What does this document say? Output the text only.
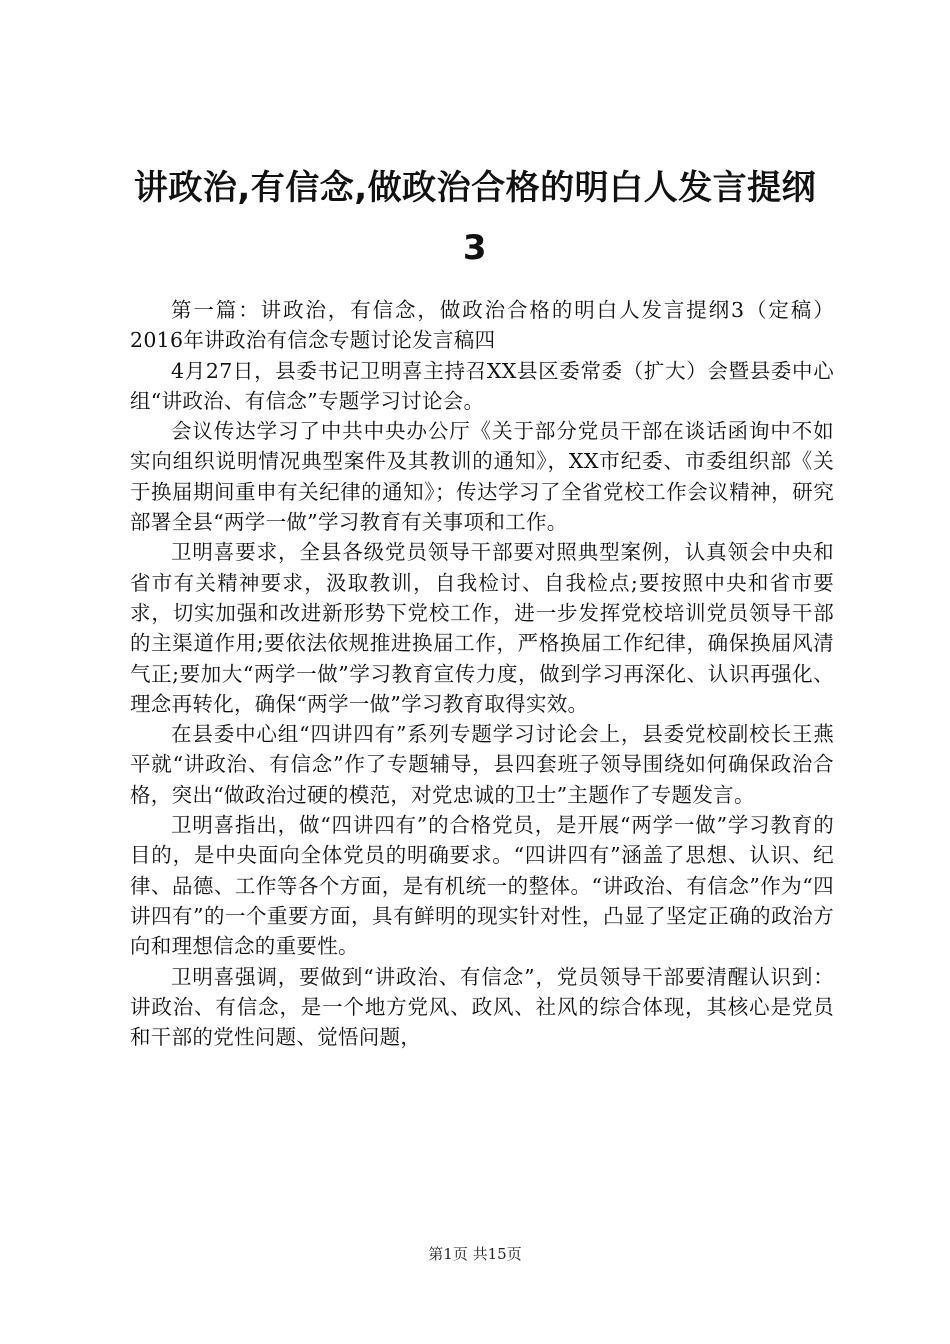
讲政治,有信念,做政治合格的明白人发言提纲
3

第一篇：讲政治，有信念，做政治合格的明白人发言提纲3（定稿）2016年讲政治有信念专题讨论发言稿四

4月27日，县委书记卫明喜主持召XX县区委常委（扩大）会暨县委中心组“讲政治、有信念”专题学习讨论会。

会议传达学习了中共中央办公厅《关于部分党员干部在谈话函询中不如实向组织说明情况典型案件及其教训的通知》，XX市纪委、市委组织部《关于换届期间重申有关纪律的通知》；传达学习了全省党校工作会议精神，研究部署全县“两学一做”学习教育有关事项和工作。

卫明喜要求，全县各级党员领导干部要对照典型案例，认真领会中央和省市有关精神要求，汲取教训，自我检讨、自我检点;要按照中央和省市要求，切实加强和改进新形势下党校工作，进一步发挥党校培训党员领导干部的主渠道作用;要依法依规推进换届工作，严格换届工作纪律，确保换届风清气正;要加大“两学一做”学习教育宣传力度，做到学习再深化、认识再强化、理念再转化，确保“两学一做”学习教育取得实效。

在县委中心组“四讲四有”系列专题学习讨论会上，县委党校副校长王燕平就“讲政治、有信念”作了专题辅导，县四套班子领导围绕如何确保政治合格，突出“做政治过硬的模范，对党忠诚的卫士”主题作了专题发言。

卫明喜指出，做“四讲四有”的合格党员，是开展“两学一做”学习教育的目的，是中央面向全体党员的明确要求。“四讲四有”涵盖了思想、认识、纪律、品德、工作等各个方面，是有机统一的整体。“讲政治、有信念”作为“四讲四有”的一个重要方面，具有鲜明的现实针对性，凸显了坚定正确的政治方向和理想信念的重要性。

卫明喜强调，要做到“讲政治、有信念”，党员领导干部要清醒认识到：讲政治、有信念，是一个地方党风、政风、社风的综合体现，其核心是党员和干部的党性问题、觉悟问题，

第1页 共15页
